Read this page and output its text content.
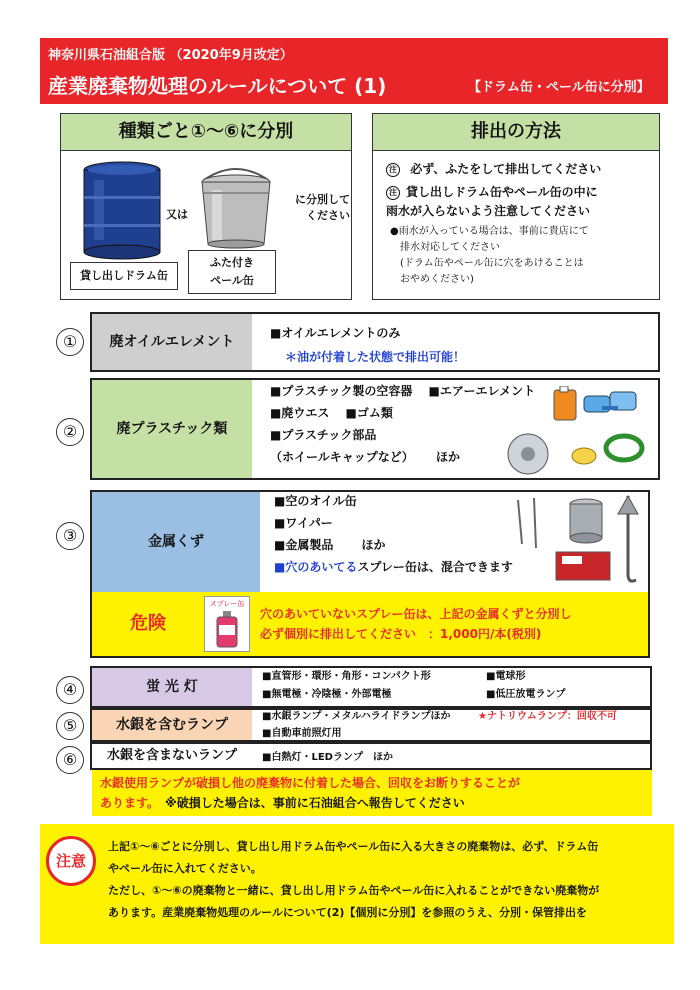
神奈川県石油組合版 （2020年9月改定）
産業廃棄物処理のルールについて (1)	【ドラム缶・ペール缶に分別】
種類ごと①～⑥に分別
貸し出しドラム缶
又は
ふた付き
ペール缶
に分別して
ください
排出の方法
注 必ず、ふたをして排出してください
注 貸し出しドラム缶やペール缶の中に
雨水が入らないよう注意してください
●雨水が入っている場合は、事前に貴店にて
排水対応してください
(ドラム缶やペール缶に穴をあけることは
おやめください)
①	廃オイルエレメント
■オイルエレメントのみ
＊油が付着した状態で排出可能！
②	廃プラスチック類
■プラスチック製の空容器　 ■エアーエレメント
■廃ウエス　 ■ゴム類
■プラスチック部品
（ホイールキャップなど）　　 ほか
③	金属くず
■空のオイル缶
■ワイパー
■金属製品　　 ほか
■穴のあいてるスプレー缶は、混合できます
危険
スプレー缶
穴のあいていないスプレー缶は、上記の金属くずと分別し
必ず個別に排出してください　：1,000円/本(税別)
④	蛍 光 灯
■直管形・環形・角形・コンパクト形
■無電極・冷陰極・外部電極
■電球形
■低圧放電ランプ
⑤	水銀を含むランプ
■水銀ランプ・メタルハライドランプほか
■自動車前照灯用
★ナトリウムランプ：回収不可
⑥	水銀を含まないランプ	■白熱灯・LEDランプ　ほか
水銀使用ランプが破損し他の廃棄物に付着した場合、回収をお断りすることが
あります。　※破損した場合は、事前に石油組合へ報告してください
注意
上記①～⑥ごとに分別し、貸し出し用ドラム缶やペール缶に入る大きさの廃棄物は、必ず、ドラム缶
やペール缶に入れてください。
ただし、①～⑥の廃棄物と一緒に、貸し出し用ドラム缶やペール缶に入れることができない廃棄物が
あります。産業廃棄物処理のルールについて(2)【個別に分別】を参照のうえ、分別・保管排出を
